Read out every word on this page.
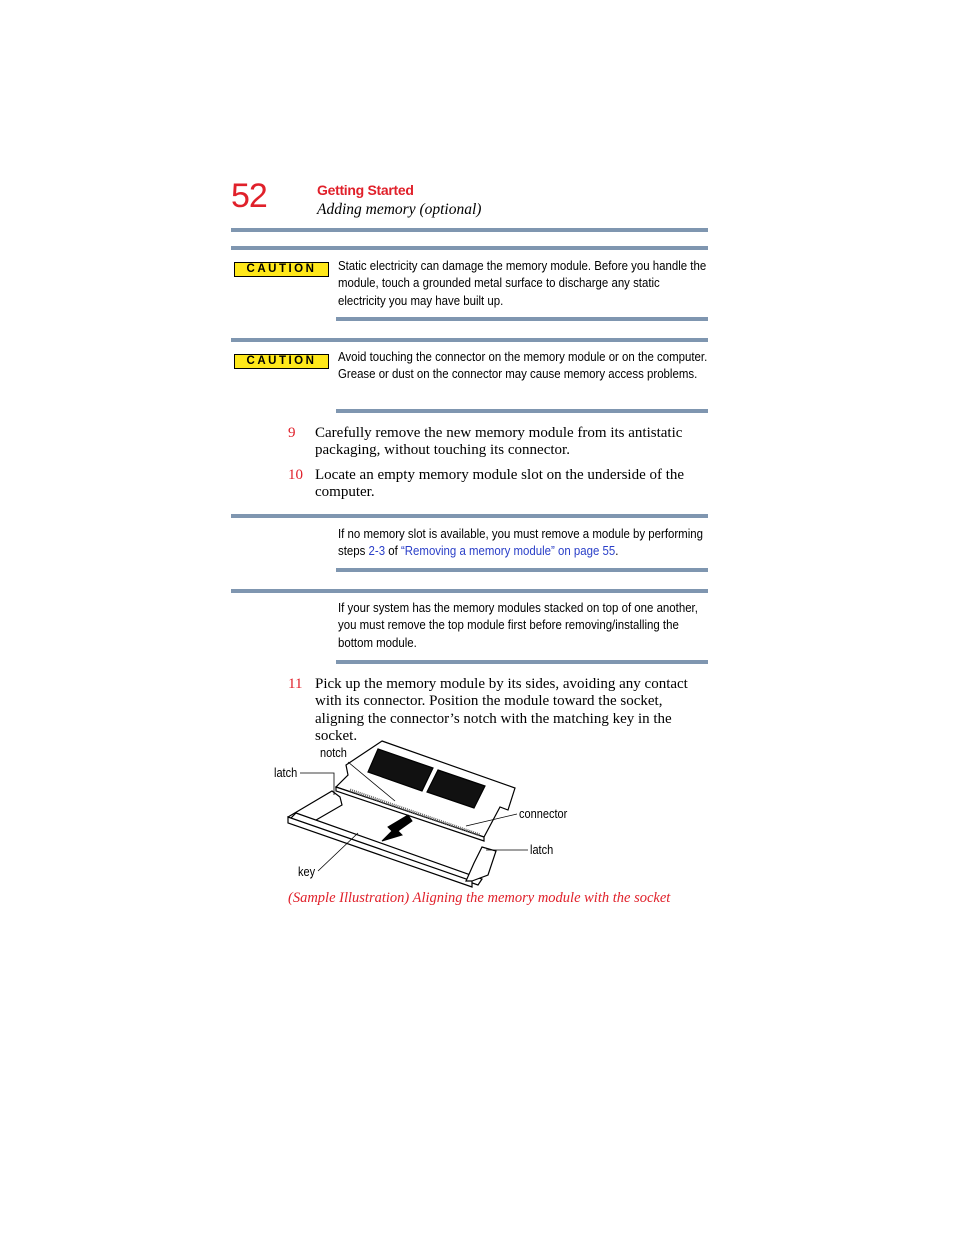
52	Getting Started
Adding memory (optional)
CAUTION	Static electricity can damage the memory module. Before you handle the module, touch a grounded metal surface to discharge any static electricity you may have built up.
CAUTION	Avoid touching the connector on the memory module or on the computer. Grease or dust on the connector may cause memory access problems.
9 Carefully remove the new memory module from its antistatic packaging, without touching its connector.
10 Locate an empty memory module slot on the underside of the computer.
If no memory slot is available, you must remove a module by performing steps 2-3 of “Removing a memory module” on page 55.
If your system has the memory modules stacked on top of one another, you must remove the top module first before removing/installing the bottom module.
11 Pick up the memory module by its sides, avoiding any contact with its connector. Position the module toward the socket, aligning the connector’s notch with the matching key in the socket.
notch
latch
connector
latch
key
(Sample Illustration) Aligning the memory module with the socket
